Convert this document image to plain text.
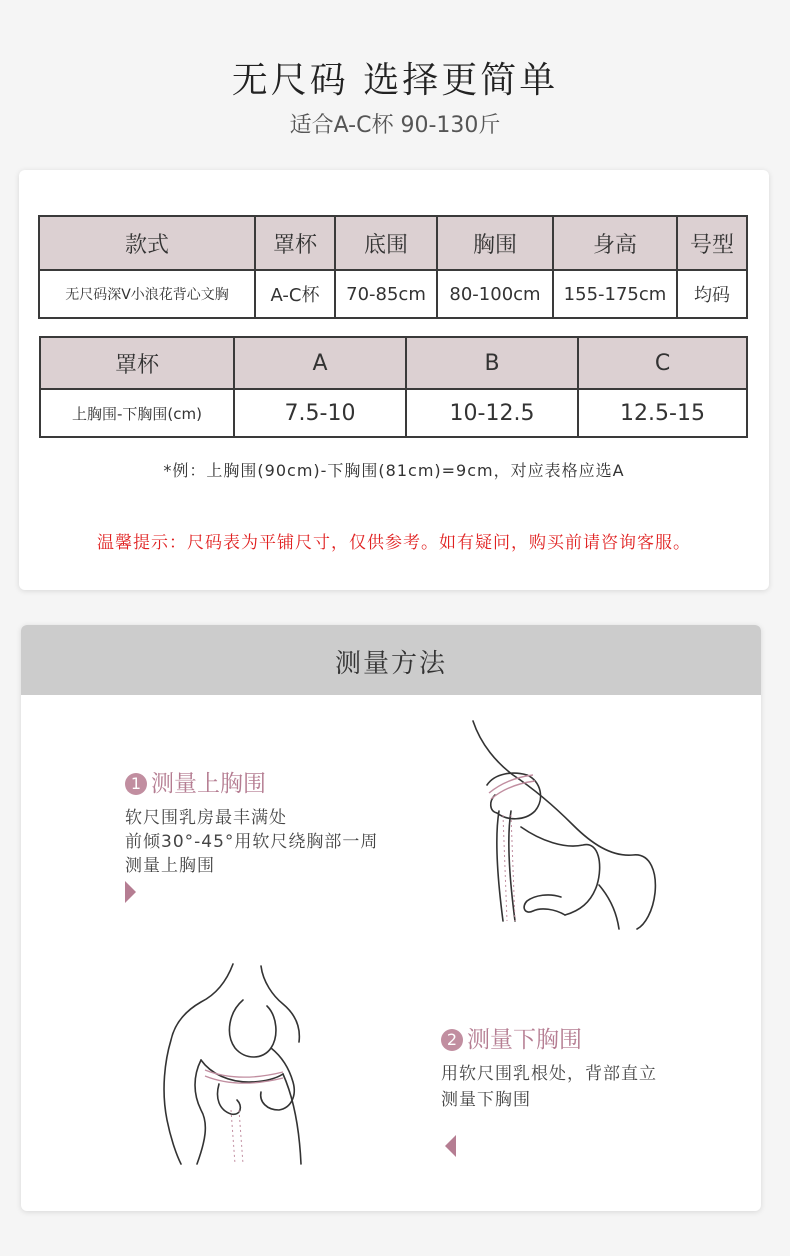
无尺码 选择更简单
适合A-C杯 90-130斤
款式	罩杯	底围	胸围	身高	号型
无尺码深V小浪花背心文胸	A-C杯	70-85cm	80-100cm	155-175cm	均码
罩杯	A	B	C
上胸围-下胸围(cm)	7.5-10	10-12.5	12.5-15
*例：上胸围(90cm)-下胸围(81cm)=9cm，对应表格应选A
温馨提示：尺码表为平铺尺寸，仅供参考。如有疑问，购买前请咨询客服。
测量方法
1 测量上胸围
软尺围乳房最丰满处
前倾30°-45°用软尺绕胸部一周
测量上胸围
2 测量下胸围
用软尺围乳根处，背部直立
测量下胸围
